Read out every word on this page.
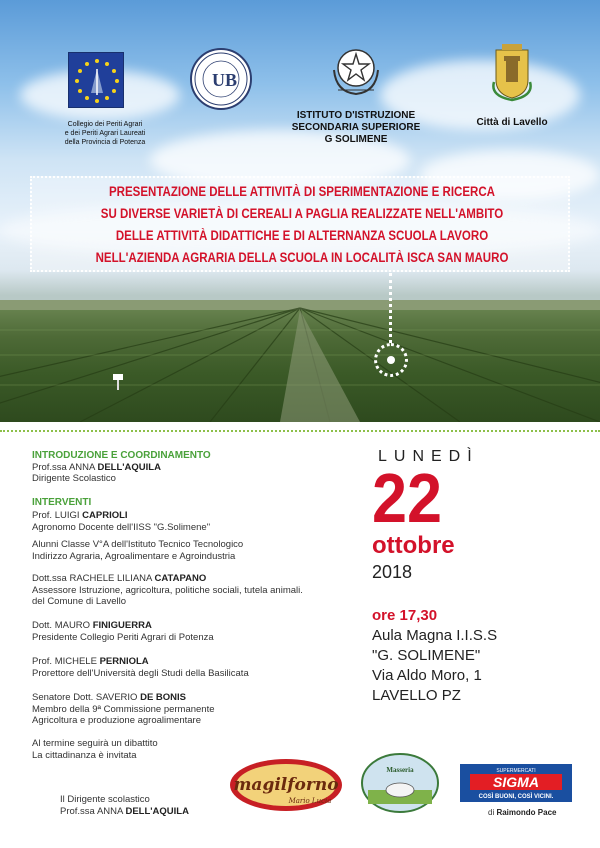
Collegio dei Periti Agrari
e dei Periti Agrari Laureati
della Provincia di Potenza
UB
ISTITUTO D'ISTRUZIONE
SECONDARIA SUPERIORE
G SOLIMENE
Città di Lavello
PRESENTAZIONE DELLE ATTIVITÀ DI SPERIMENTAZIONE E RICERCA
SU DIVERSE VARIETÀ DI CEREALI A PAGLIA REALIZZATE NELL'AMBITO
DELLE ATTIVITÀ DIDATTICHE E DI ALTERNANZA SCUOLA LAVORO
NELL'AZIENDA AGRARIA DELLA SCUOLA IN LOCALITÀ ISCA SAN MAURO
INTRODUZIONE E COORDINAMENTO
Prof.ssa ANNA DELL'AQUILA
Dirigente Scolastico
INTERVENTI
Prof. LUIGI CAPRIOLI
Agronomo Docente dell'IISS "G.Solimene"
Alunni Classe V°A dell'Istituto Tecnico Tecnologico
Indirizzo Agraria, Agroalimentare e Agroindustria
Dott.ssa RACHELE LILIANA CATAPANO
Assessore Istruzione, agricoltura, politiche sociali, tutela animali.
del Comune di Lavello
Dott. MAURO FINIGUERRA
Presidente Collegio Periti Agrari di Potenza
Prof. MICHELE PERNIOLA
Prorettore dell'Università degli Studi della Basilicata
Senatore Dott. SAVERIO DE BONIS
Membro della 9ª Commissione permanente
Agricoltura e produzione agroalimentare
Al termine seguirà un dibattito
La cittadinanza è invitata
LUNEDÌ
22
ottobre
2018
ore 17,30
Aula Magna I.I.S.S
"G. SOLIMENE"
Via Aldo Moro, 1
LAVELLO PZ
Il Dirigente scolastico
Prof.ssa ANNA DELL'AQUILA
magilforno
Mario Lucia
Masseria	SUPERMERCATI
SIGMA
COSÌ BUONI, COSÌ VICINI.
di Raimondo Pace
